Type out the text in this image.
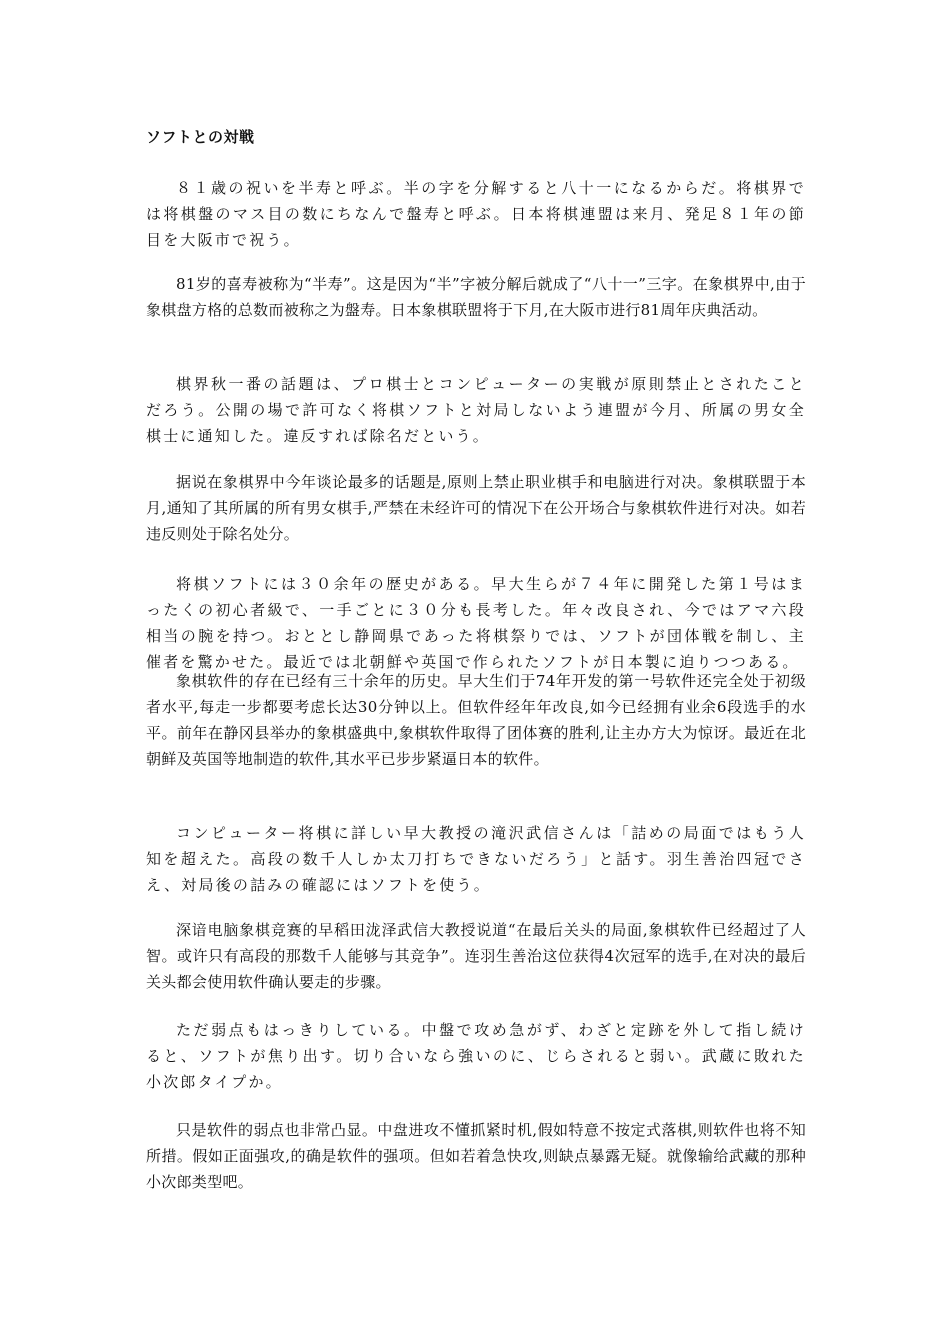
ソフトとの対戦

８１歳の祝いを半寿と呼ぶ。半の字を分解すると八十一になるからだ。将棋界では将棋盤のマス目の数にちなんで盤寿と呼ぶ。日本将棋連盟は来月、発足８１年の節目を大阪市で祝う。

81岁的喜寿被称为“半寿”。这是因为“半”字被分解后就成了“八十一”三字。在象棋界中,由于象棋盘方格的总数而被称之为盤寿。日本象棋联盟将于下月,在大阪市进行81周年庆典活动。

棋界秋一番の話題は、プロ棋士とコンピューターの実戦が原則禁止とされたことだろう。公開の場で許可なく将棋ソフトと対局しないよう連盟が今月、所属の男女全棋士に通知した。違反すれば除名だという。

据说在象棋界中今年谈论最多的话题是,原则上禁止职业棋手和电脑进行对决。象棋联盟于本月,通知了其所属的所有男女棋手,严禁在未经许可的情况下在公开场合与象棋软件进行对决。如若违反则处于除名处分。

将棋ソフトには３０余年の歴史がある。早大生らが７４年に開発した第１号はまったくの初心者級で、一手ごとに３０分も長考した。年々改良され、今ではアマ六段相当の腕を持つ。おととし静岡県であった将棋祭りでは、ソフトが団体戦を制し、主催者を驚かせた。最近では北朝鮮や英国で作られたソフトが日本製に迫りつつある。

象棋软件的存在已经有三十余年的历史。早大生们于74年开发的第一号软件还完全处于初级者水平,每走一步都要考虑长达30分钟以上。但软件经年年改良,如今已经拥有业余6段选手的水平。前年在静冈县举办的象棋盛典中,象棋软件取得了团体赛的胜利,让主办方大为惊讶。最近在北朝鲜及英国等地制造的软件,其水平已步步紧逼日本的软件。

コンピューター将棋に詳しい早大教授の滝沢武信さんは「詰めの局面ではもう人知を超えた。高段の数千人しか太刀打ちできないだろう」と話す。羽生善治四冠でさえ、対局後の詰みの確認にはソフトを使う。

深谙电脑象棋竞赛的早稻田泷泽武信大教授说道“在最后关头的局面,象棋软件已经超过了人智。或许只有高段的那数千人能够与其竞争”。连羽生善治这位获得4次冠军的选手,在对决的最后关头都会使用软件确认要走的步骤。

ただ弱点もはっきりしている。中盤で攻め急がず、わざと定跡を外して指し続けると、ソフトが焦り出す。切り合いなら強いのに、じらされると弱い。武蔵に敗れた小次郎タイプか。

只是软件的弱点也非常凸显。中盘进攻不懂抓紧时机,假如特意不按定式落棋,则软件也将不知所措。假如正面强攻,的确是软件的强项。但如若着急快攻,则缺点暴露无疑。就像输给武藏的那种小次郎类型吧。
